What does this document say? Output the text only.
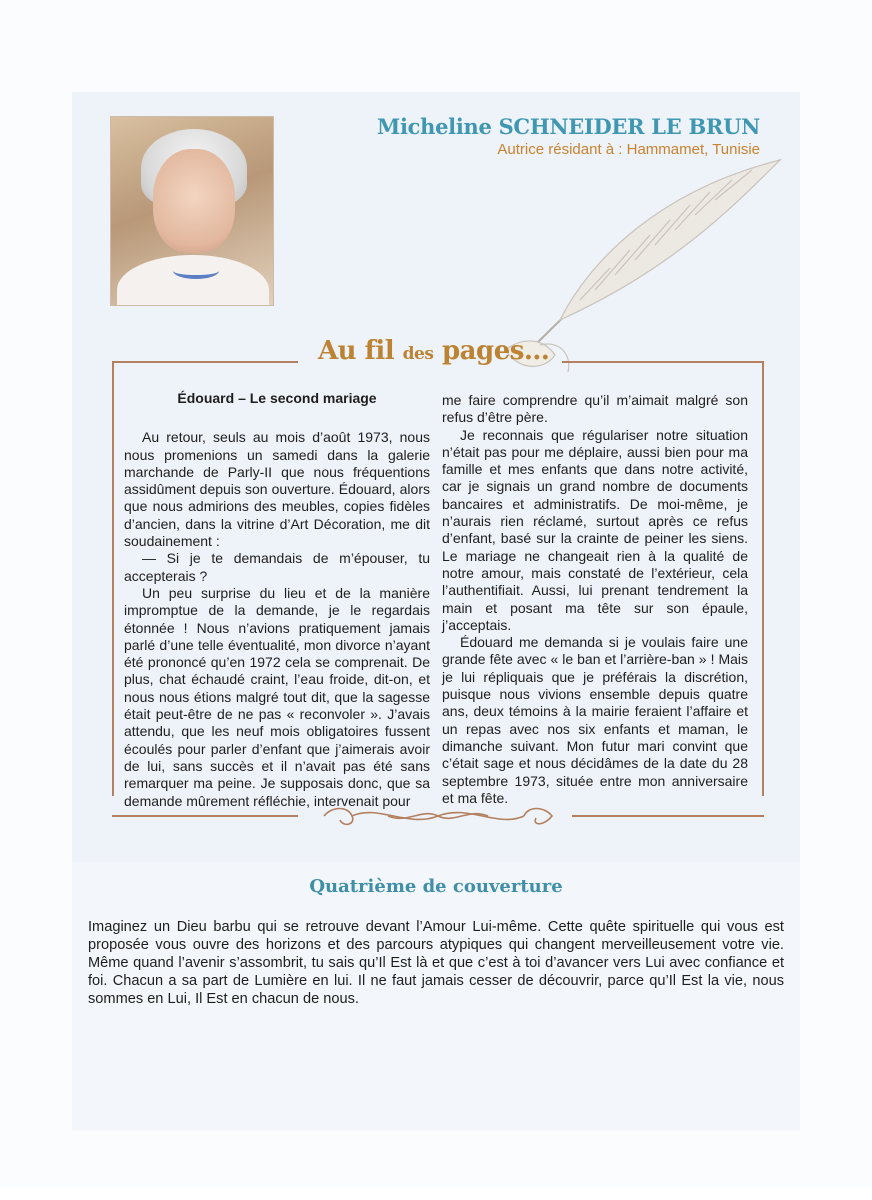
Micheline SCHNEIDER LE BRUN
Autrice résidant à : Hammamet, Tunisie
Au fil des pages…
Édouard – Le second mariage

Au retour, seuls au mois d’août 1973, nous nous promenions un samedi dans la galerie marchande de Parly-II que nous fréquentions assidûment depuis son ouverture. Édouard, alors que nous admirions des meubles, copies fidèles d’ancien, dans la vitrine d’Art Décoration, me dit soudainement :

— Si je te demandais de m’épouser, tu accepterais ?

Un peu surprise du lieu et de la manière impromptue de la demande, je le regardais étonnée ! Nous n’avions pratiquement jamais parlé d’une telle éventualité, mon divorce n’ayant été prononcé qu’en 1972 cela se comprenait. De plus, chat échaudé craint, l’eau froide, dit-on, et nous nous étions malgré tout dit, que la sagesse était peut-être de ne pas « reconvoler ». J’avais attendu, que les neuf mois obligatoires fussent écoulés pour parler d’enfant que j’aimerais avoir de lui, sans succès et il n’avait pas été sans remarquer ma peine. Je supposais donc, que sa demande mûrement réfléchie, intervenait pour

me faire comprendre qu’il m’aimait malgré son refus d’être père.

Je reconnais que régulariser notre situation n’était pas pour me déplaire, aussi bien pour ma famille et mes enfants que dans notre activité, car je signais un grand nombre de documents bancaires et administratifs. De moi-même, je n’aurais rien réclamé, surtout après ce refus d’enfant, basé sur la crainte de peiner les siens. Le mariage ne changeait rien à la qualité de notre amour, mais constaté de l’extérieur, cela l’authentifiait. Aussi, lui prenant tendrement la main et posant ma tête sur son épaule, j’acceptais.

Édouard me demanda si je voulais faire une grande fête avec « le ban et l’arrière-ban » ! Mais je lui répliquais que je préférais la discrétion, puisque nous vivions ensemble depuis quatre ans, deux témoins à la mairie feraient l’affaire et un repas avec nos six enfants et maman, le dimanche suivant. Mon futur mari convint que c’était sage et nous décidâmes de la date du 28 septembre 1973, située entre mon anniversaire et ma fête.

Quatrième de couverture
Imaginez un Dieu barbu qui se retrouve devant l’Amour Lui-même. Cette quête spirituelle qui vous est proposée vous ouvre des horizons et des parcours atypiques qui changent merveilleusement votre vie. Même quand l’avenir s’assombrit, tu sais qu’Il Est là et que c’est à toi d’avancer vers Lui avec confiance et foi. Chacun a sa part de Lumière en lui. Il ne faut jamais cesser de découvrir, parce qu’Il Est la vie, nous sommes en Lui, Il Est en chacun de nous.
